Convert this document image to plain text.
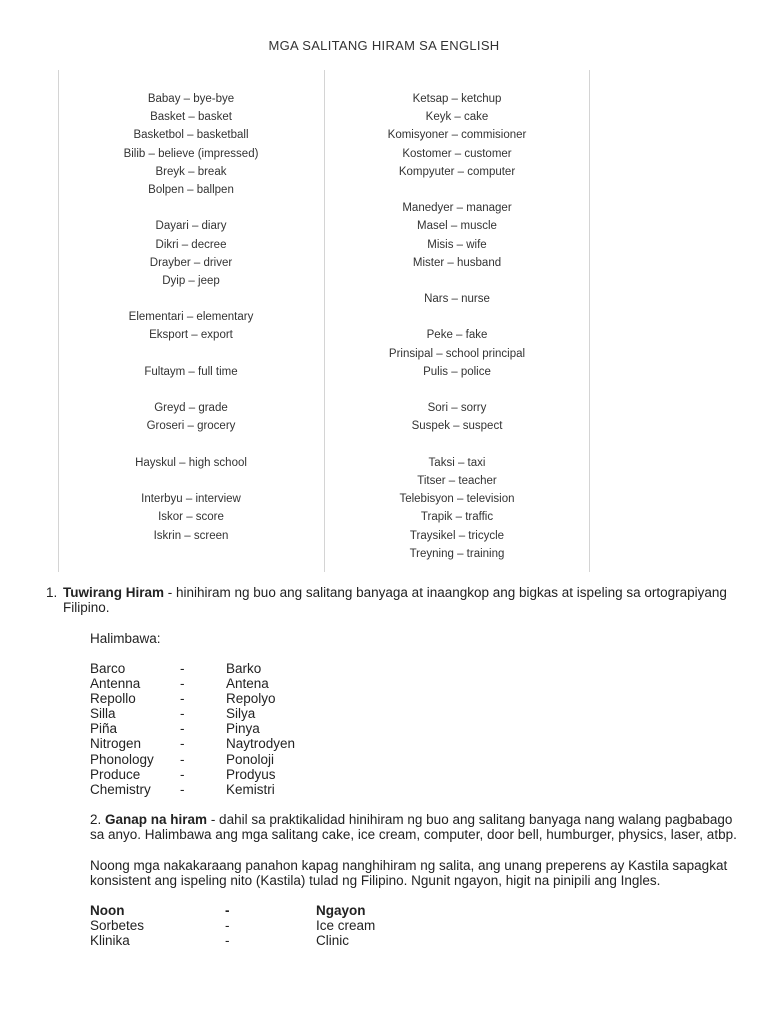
MGA SALITANG HIRAM SA ENGLISH
Babay – bye-bye
Basket – basket
Basketbol – basketball
Bilib – believe (impressed)
Breyk – break
Bolpen – ballpen

Dayari – diary
Dikri – decree
Drayber – driver
Dyip – jeep

Elementari – elementary
Eksport – export

Fultaym – full time

Greyd – grade
Groseri – grocery

Hayskul – high school

Interbyu – interview
Iskor – score
Iskrin – screen
Ketsap – ketchup
Keyk – cake
Komisyoner – commisioner
Kostomer – customer
Kompyuter – computer

Manedyer – manager
Masel – muscle
Misis – wife
Mister – husband

Nars – nurse

Peke – fake
Prinsipal – school principal
Pulis – police

Sori – sorry
Suspek – suspect

Taksi – taxi
Titser – teacher
Telebisyon – television
Trapik – traffic
Traysikel – tricycle
Treyning – training
1. Tuwirang Hiram - hinihiram ng buo ang salitang banyaga at inaangkop ang bigkas at ispeling sa ortograpiyang Filipino.

Halimbawa:

Barco	-	Barko
Antenna	-	Antena
Repollo	-	Repolyo
Silla	-	Silya
Piña	-	Pinya
Nitrogen	-	Naytrodyen
Phonology	-	Ponoloji
Produce	-	Prodyus
Chemistry	-	Kemistri

2. Ganap na hiram - dahil sa praktikalidad hinihiram ng buo ang salitang banyaga nang walang pagbabago sa anyo. Halimbawa ang mga salitang cake, ice cream, computer, door bell, humburger, physics, laser, atbp.

Noong mga nakakaraang panahon kapag nanghihiram ng salita, ang unang preperens ay Kastila sapagkat konsistent ang ispeling nito (Kastila) tulad ng Filipino. Ngunit ngayon, higit na pinipili ang Ingles.

Noon	-	Ngayon
Sorbetes	-	Ice cream
Klinika	-	Clinic
